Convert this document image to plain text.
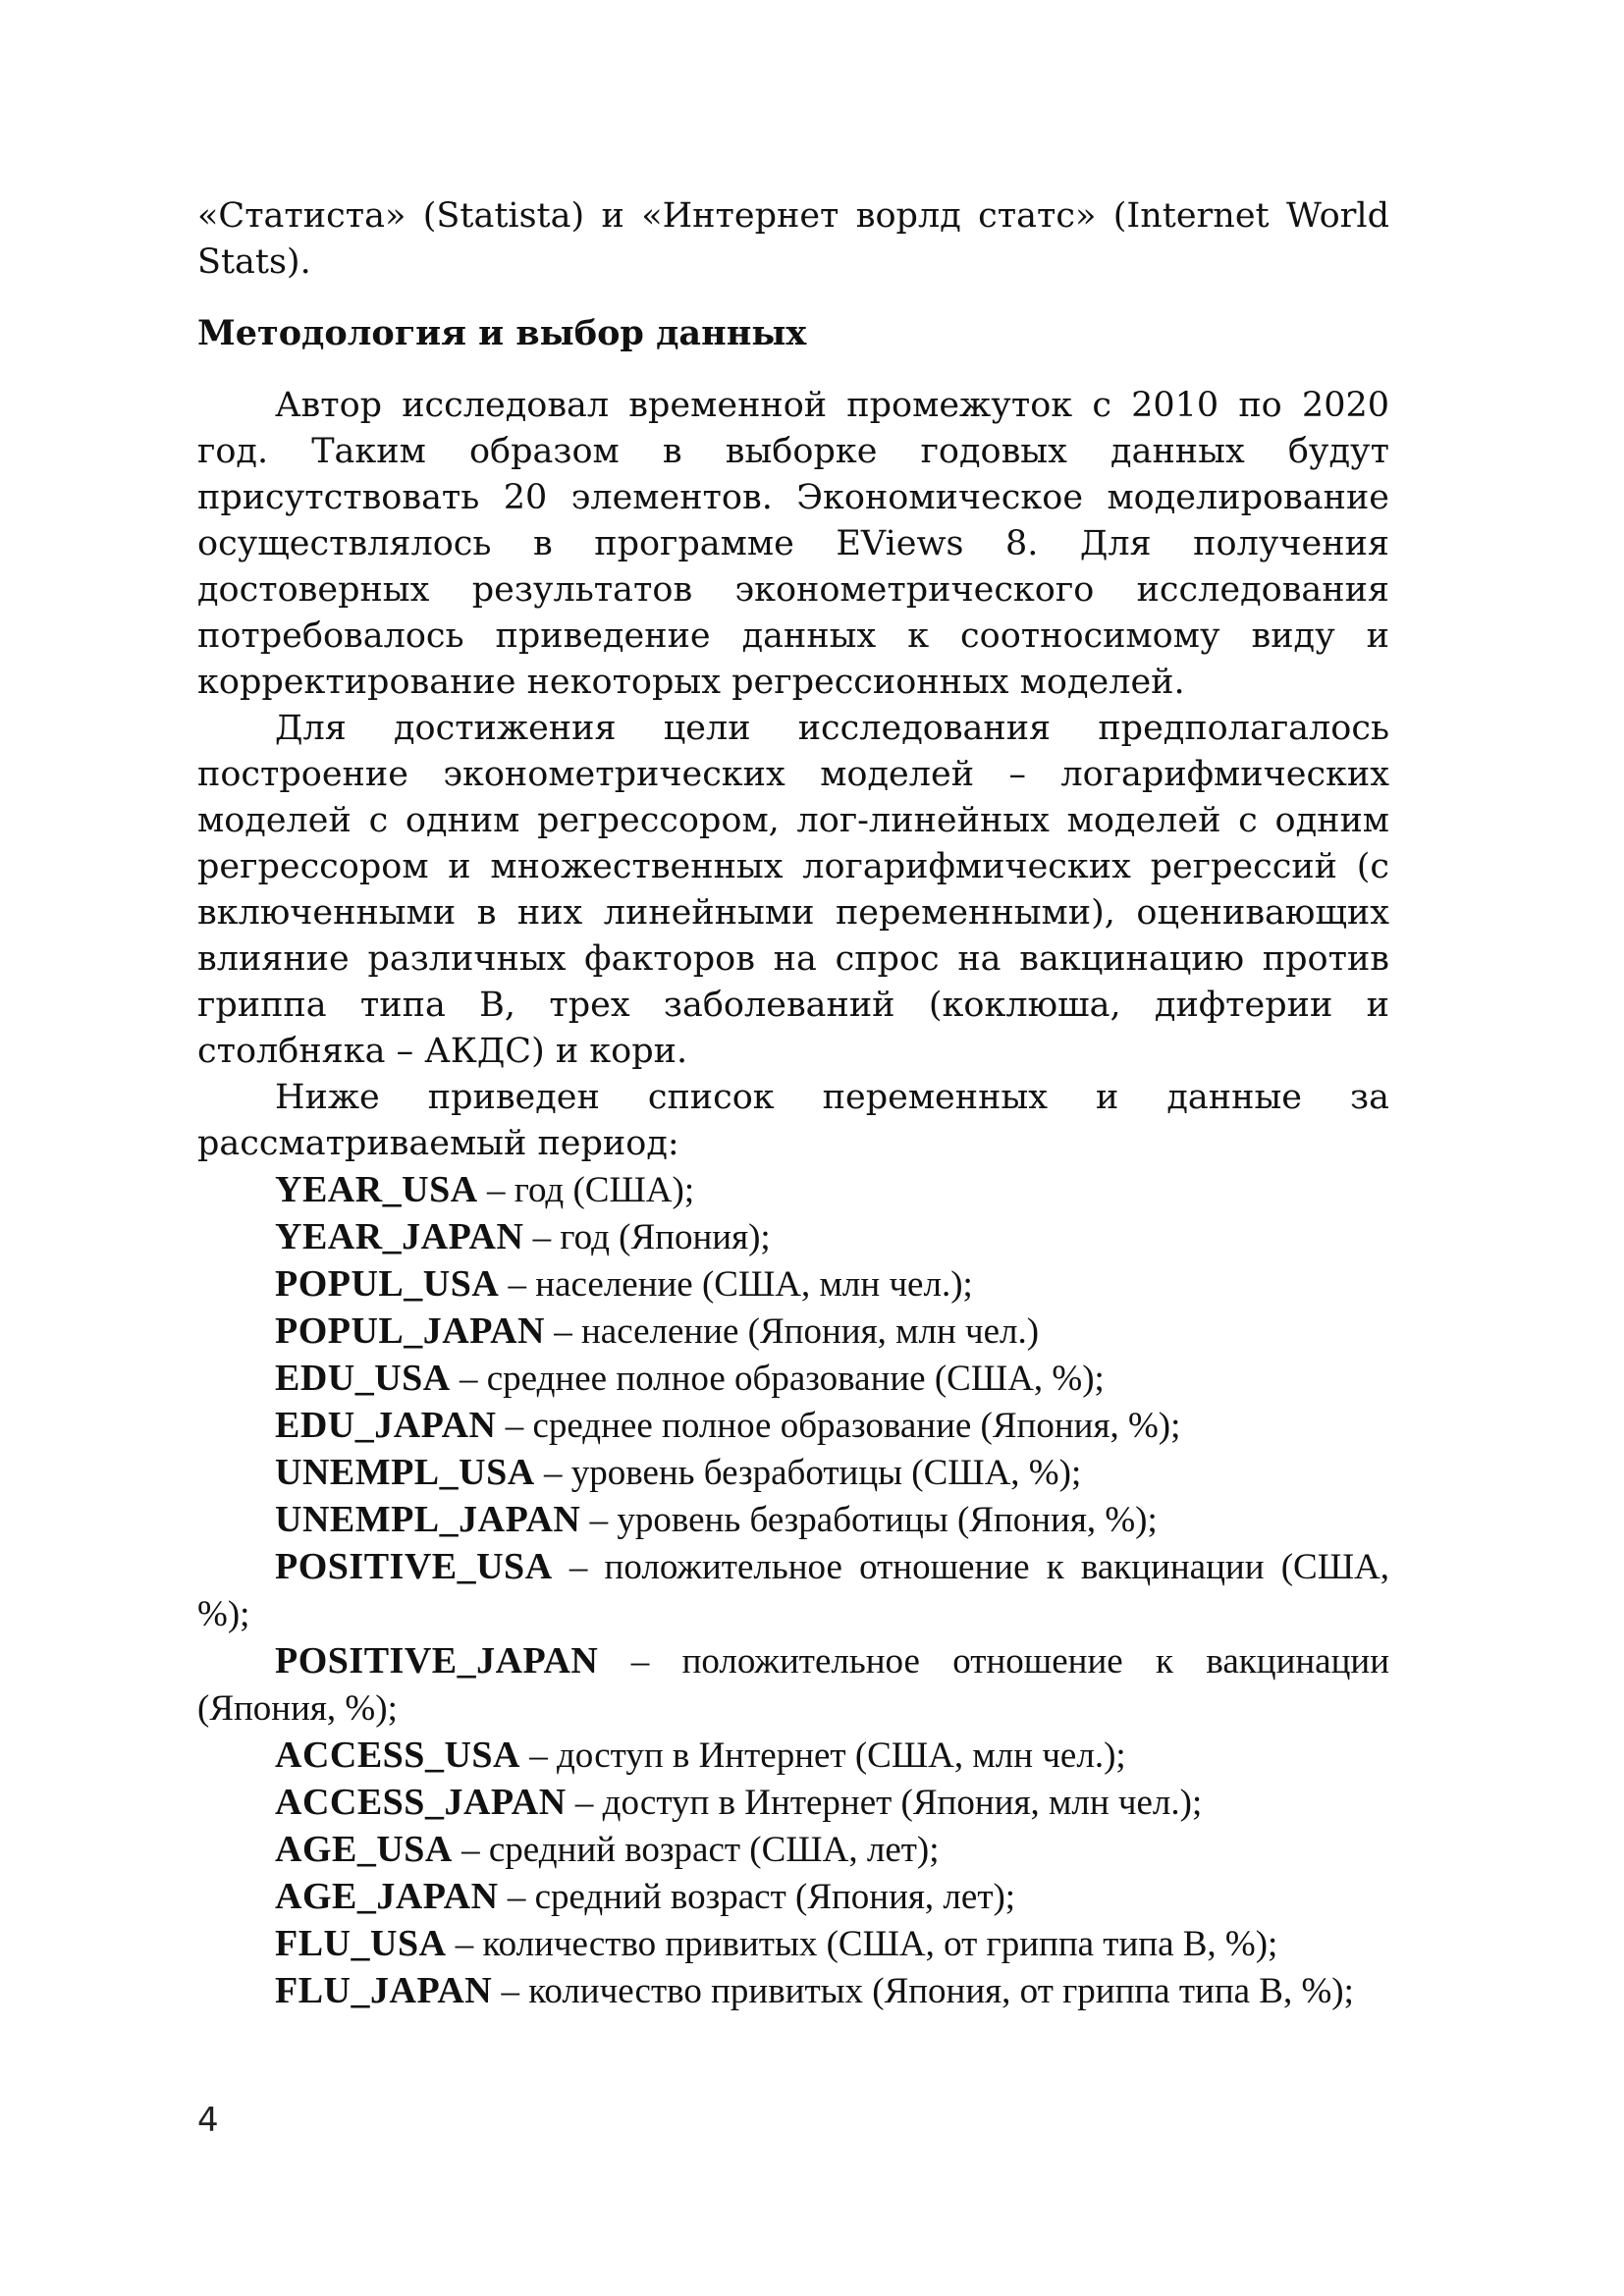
«Статиста» (Statista) и «Интернет ворлд статс» (Internet World Stats).

Методология и выбор данных

Автор исследовал временной промежуток с 2010 по 2020 год. Таким образом в выборке годовых данных будут присутствовать 20 элементов. Экономическое моделирование осуществлялось в программе EViews 8. Для получения достоверных результатов эконометрического исследования потребовалось приведение данных к соотносимому виду и корректирование некоторых регрессионных моделей.

Для достижения цели исследования предполагалось построение эконометрических моделей – логарифмических моделей с одним регрессором, лог-линейных моделей с одним регрессором и множественных логарифмических регрессий (с включенными в них линейными переменными), оценивающих влияние различных факторов на спрос на вакцинацию против гриппа типа B, трех заболеваний (коклюша, дифтерии и столбняка – АКДС) и кори.

Ниже приведен список переменных и данные за рассматриваемый период:

YEAR_USA – год (США);
YEAR_JAPAN – год (Япония);
POPUL_USA – население (США, млн чел.);
POPUL_JAPAN – население (Япония, млн чел.)
EDU_USA – среднее полное образование (США, %);
EDU_JAPAN – среднее полное образование (Япония, %);
UNEMPL_USA – уровень безработицы (США, %);
UNEMPL_JAPAN – уровень безработицы (Япония, %);
POSITIVE_USA – положительное отношение к вакцинации (США, %);
POSITIVE_JAPAN – положительное отношение к вакцинации (Япония, %);
ACCESS_USA – доступ в Интернет (США, млн чел.);
ACCESS_JAPAN – доступ в Интернет (Япония, млн чел.);
AGE_USA – средний возраст (США, лет);
AGE_JAPAN – средний возраст (Япония, лет);
FLU_USA – количество привитых (США, от гриппа типа B, %);
FLU_JAPAN – количество привитых (Япония, от гриппа типа B, %);
4
